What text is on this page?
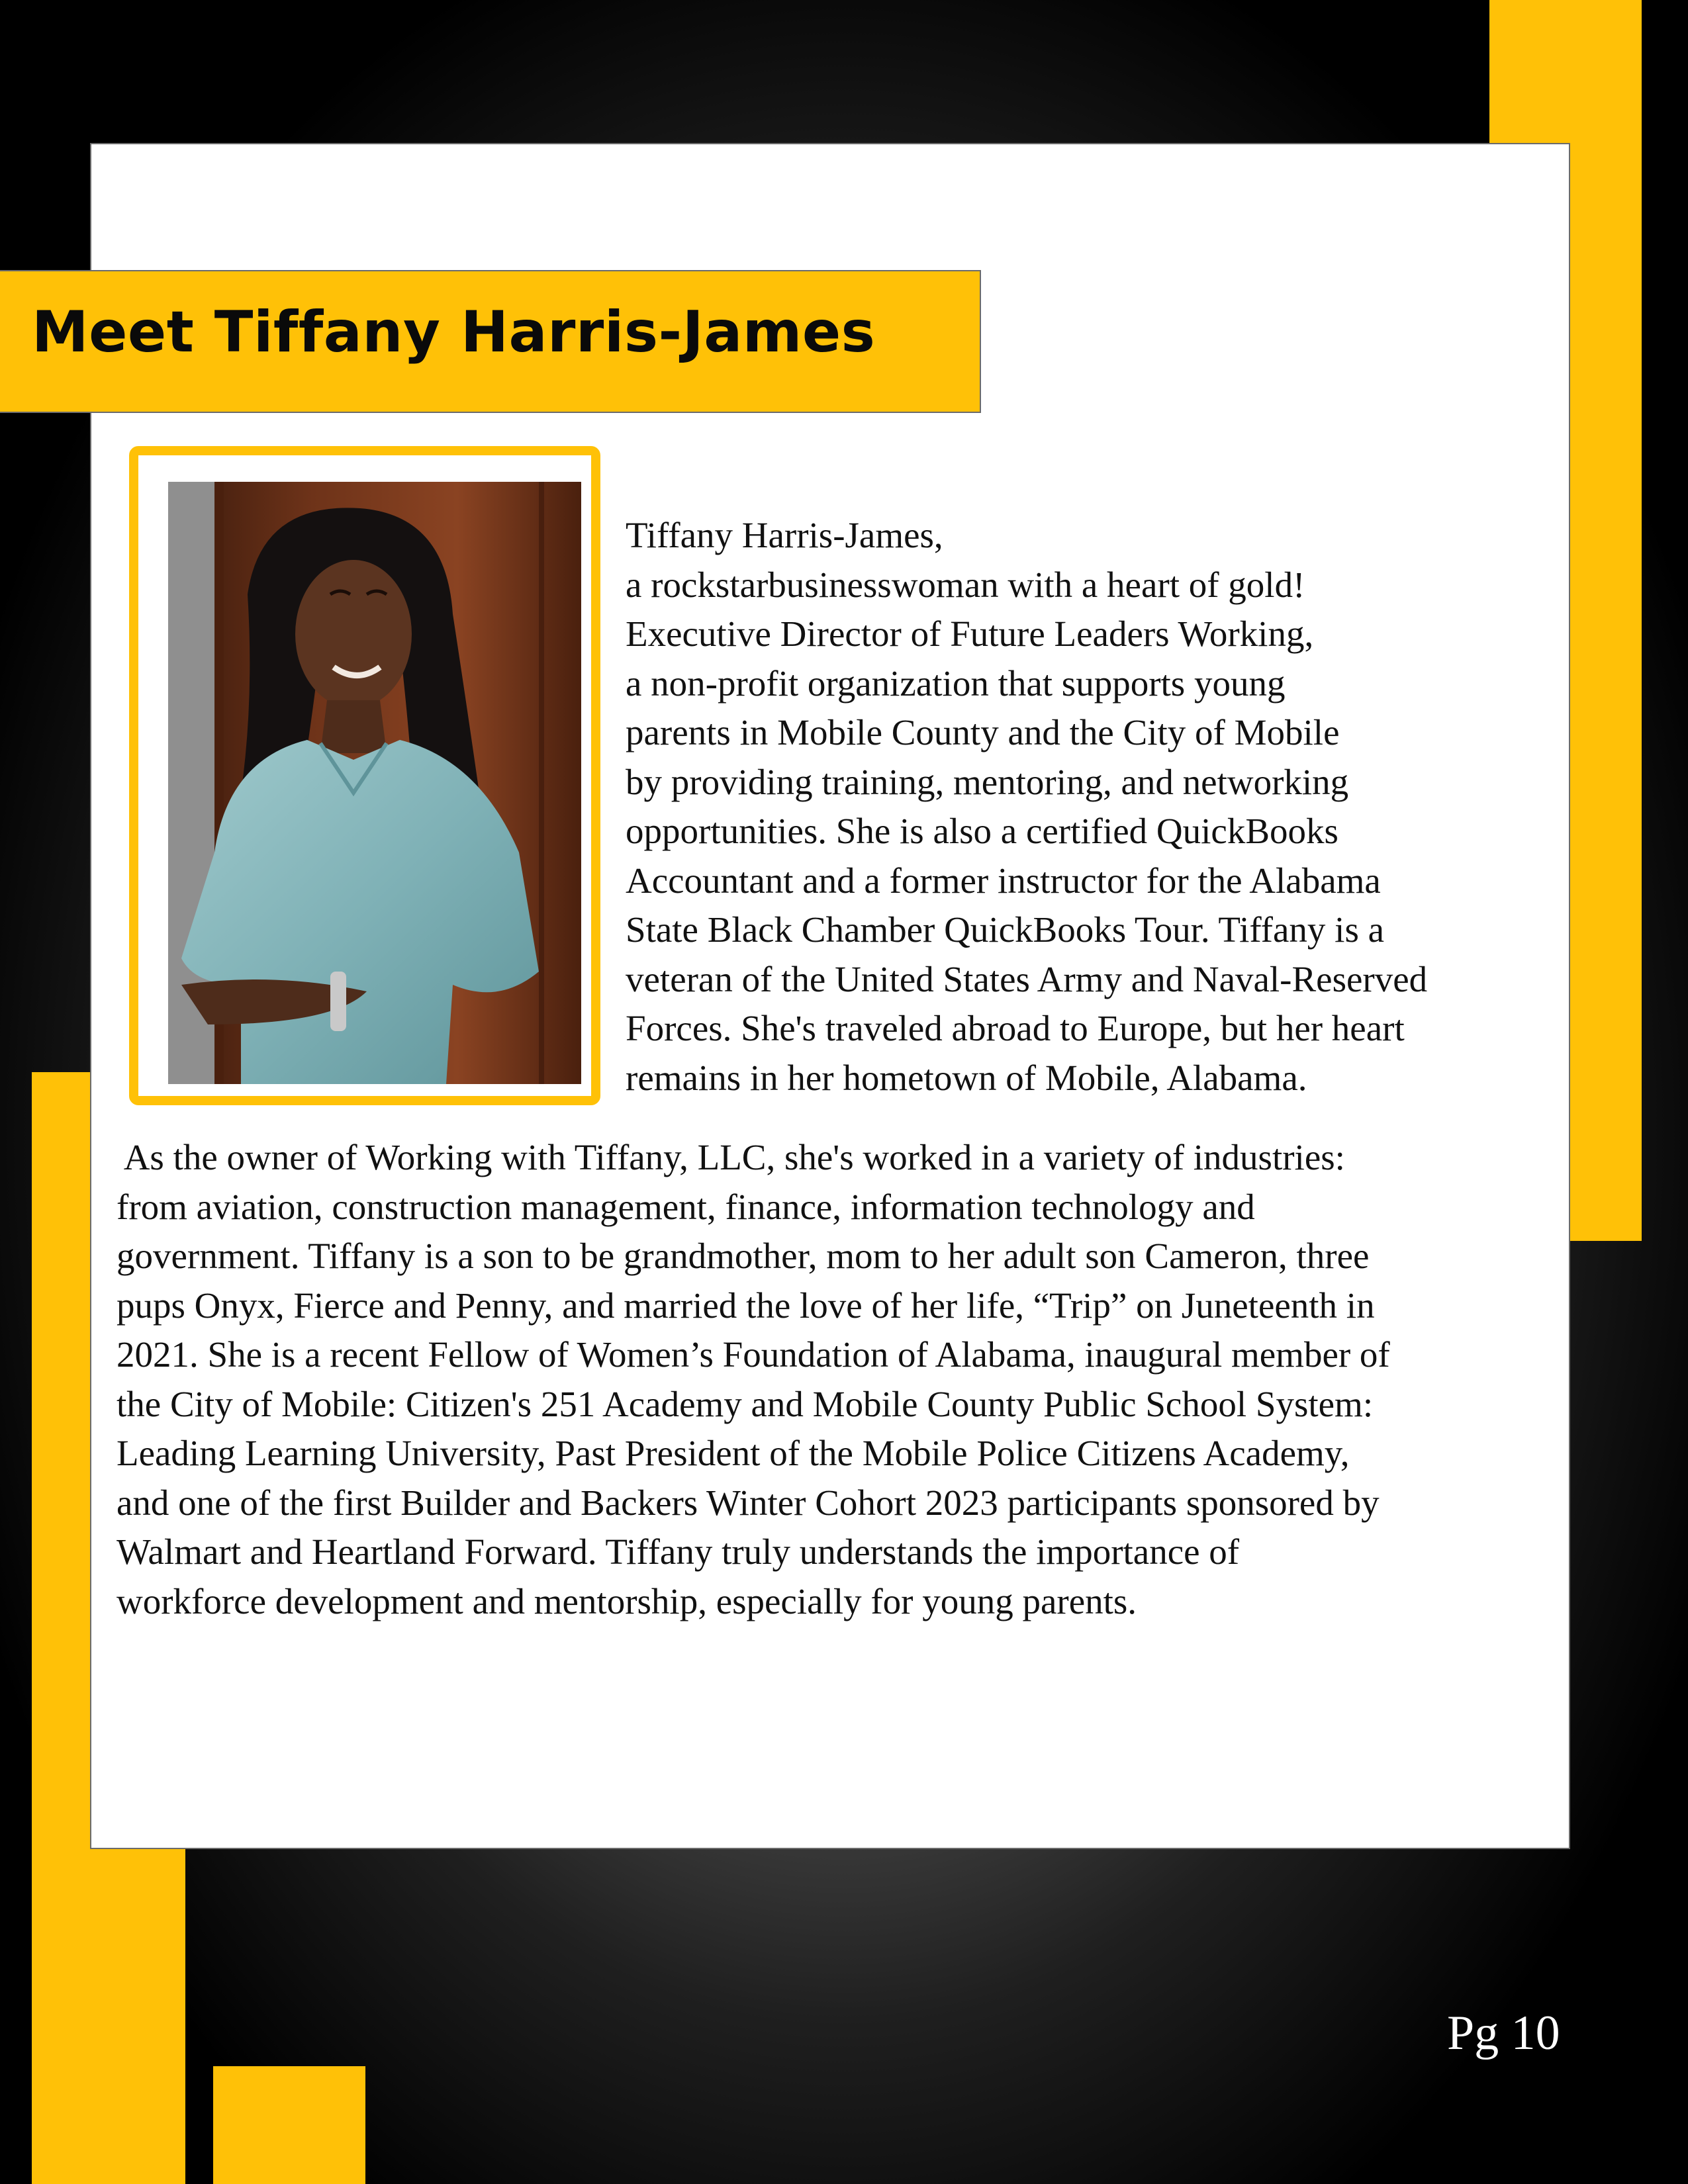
Meet Tiffany Harris-James

Tiffany Harris-James,
a rockstarbusinesswoman with a heart of gold!
Executive Director of Future Leaders Working,
a non-profit organization that supports young
parents in Mobile County and the City of Mobile
by providing training, mentoring, and networking
opportunities. She is also a certified QuickBooks
Accountant and a former instructor for the Alabama
State Black Chamber QuickBooks Tour. Tiffany is a
veteran of the United States Army and Naval-Reserved
Forces. She's traveled abroad to Europe, but her heart
remains in her hometown of Mobile, Alabama.

As the owner of Working with Tiffany, LLC, she's worked in a variety of industries:
from aviation, construction management, finance, information technology and
government. Tiffany is a son to be grandmother, mom to her adult son Cameron, three
pups Onyx, Fierce and Penny, and married the love of her life, “Trip” on Juneteenth in
2021. She is a recent Fellow of Women’s Foundation of Alabama, inaugural member of
the City of Mobile: Citizen's 251 Academy and Mobile County Public School System:
Leading Learning University, Past President of the Mobile Police Citizens Academy,
and one of the first Builder and Backers Winter Cohort 2023 participants sponsored by
Walmart and Heartland Forward. Tiffany truly understands the importance of
workforce development and mentorship, especially for young parents.

Pg 10
